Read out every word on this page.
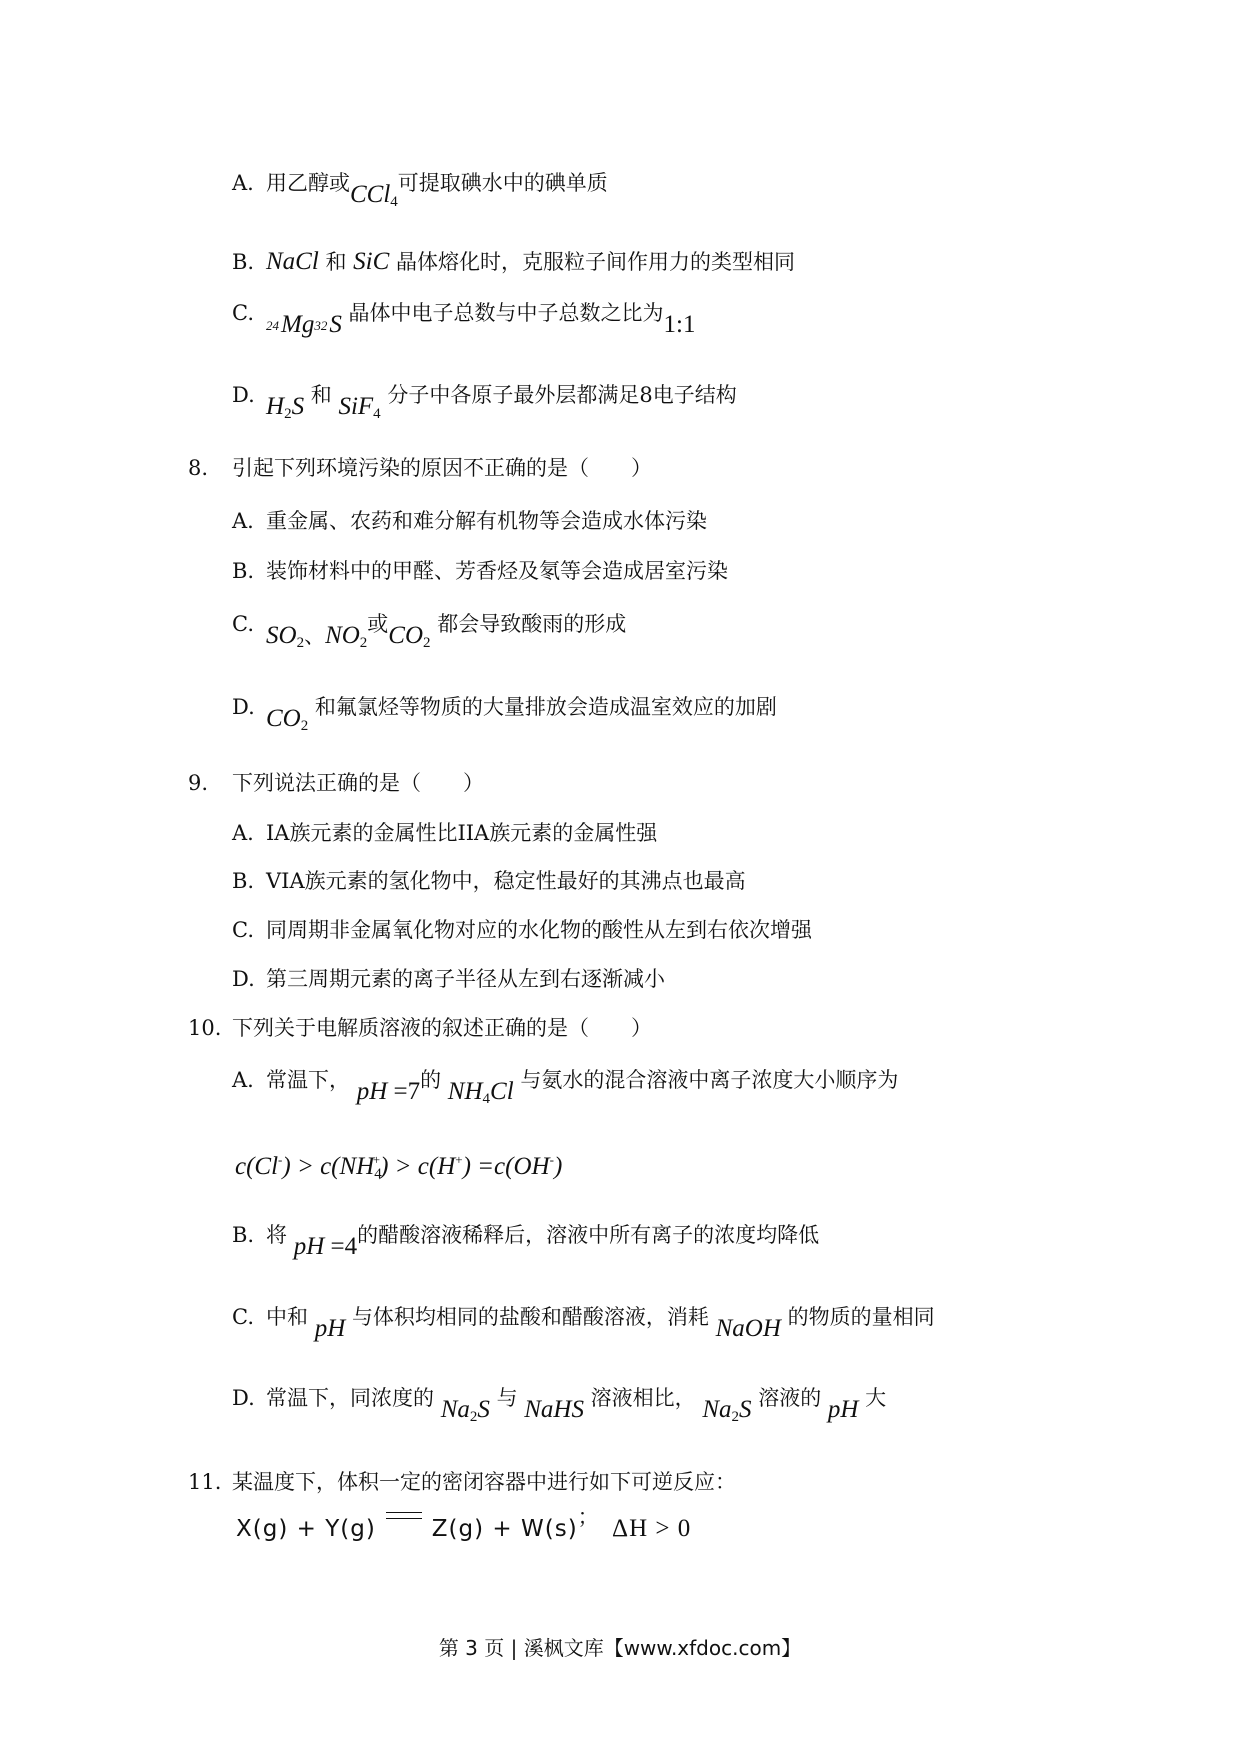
A. 用乙醇或CCl$_4$可提取碘水中的碘单质
B. NaCl 和 SiC 晶体熔化时，克服粒子间作用力的类型相同
C.24Mg32S 晶体中电子总数与中子总数之比为1:1
D. $H_2S$ 和 SiF$_4$ 分子中各原子最外层都满足8电子结构
8. 引起下列环境污染的原因不正确的是（　　）
A. 重金属、农药和难分解有机物等会造成水体污染
B. 装饰材料中的甲醛、芳香烃及氡等会造成居室污染
C. $SO_2$、$NO_2$或$CO_2$ 都会导致酸雨的形成
D. $CO_2$ 和氟氯烃等物质的大量排放会造成温室效应的加剧
9. 下列说法正确的是（　　）
A. IA族元素的金属性比IIA族元素的金属性强
B. VIA族元素的氢化物中，稳定性最好的其沸点也最高
C. 同周期非金属氧化物对应的水化物的酸性从左到右依次增强
D. 第三周期元素的离子半径从左到右逐渐减小
10. 下列关于电解质溶液的叙述正确的是（　　）
A. 常温下， pH =7的 $NH_4Cl$ 与氨水的混合溶液中离子浓度大小顺序为
$c(Cl^-) > c(NH_4^+) > c(H^+) =c(OH^-)$
B. 将 pH =4的醋酸溶液稀释后，溶液中所有离子的浓度均降低
C. 中和 pH 与体积均相同的盐酸和醋酸溶液，消耗 NaOH 的物质的量相同
D. 常温下，同浓度的 $Na_2S$ 与 NaHS 溶液相比， $Na_2S$ 溶液的 pH 大
11. 某温度下，体积一定的密闭容器中进行如下可逆反应：
X(g) + Y(g) Z(g) + W(s)； ΔH > 0
第 3 页 | 溪枫文库【www.xfdoc.com】
